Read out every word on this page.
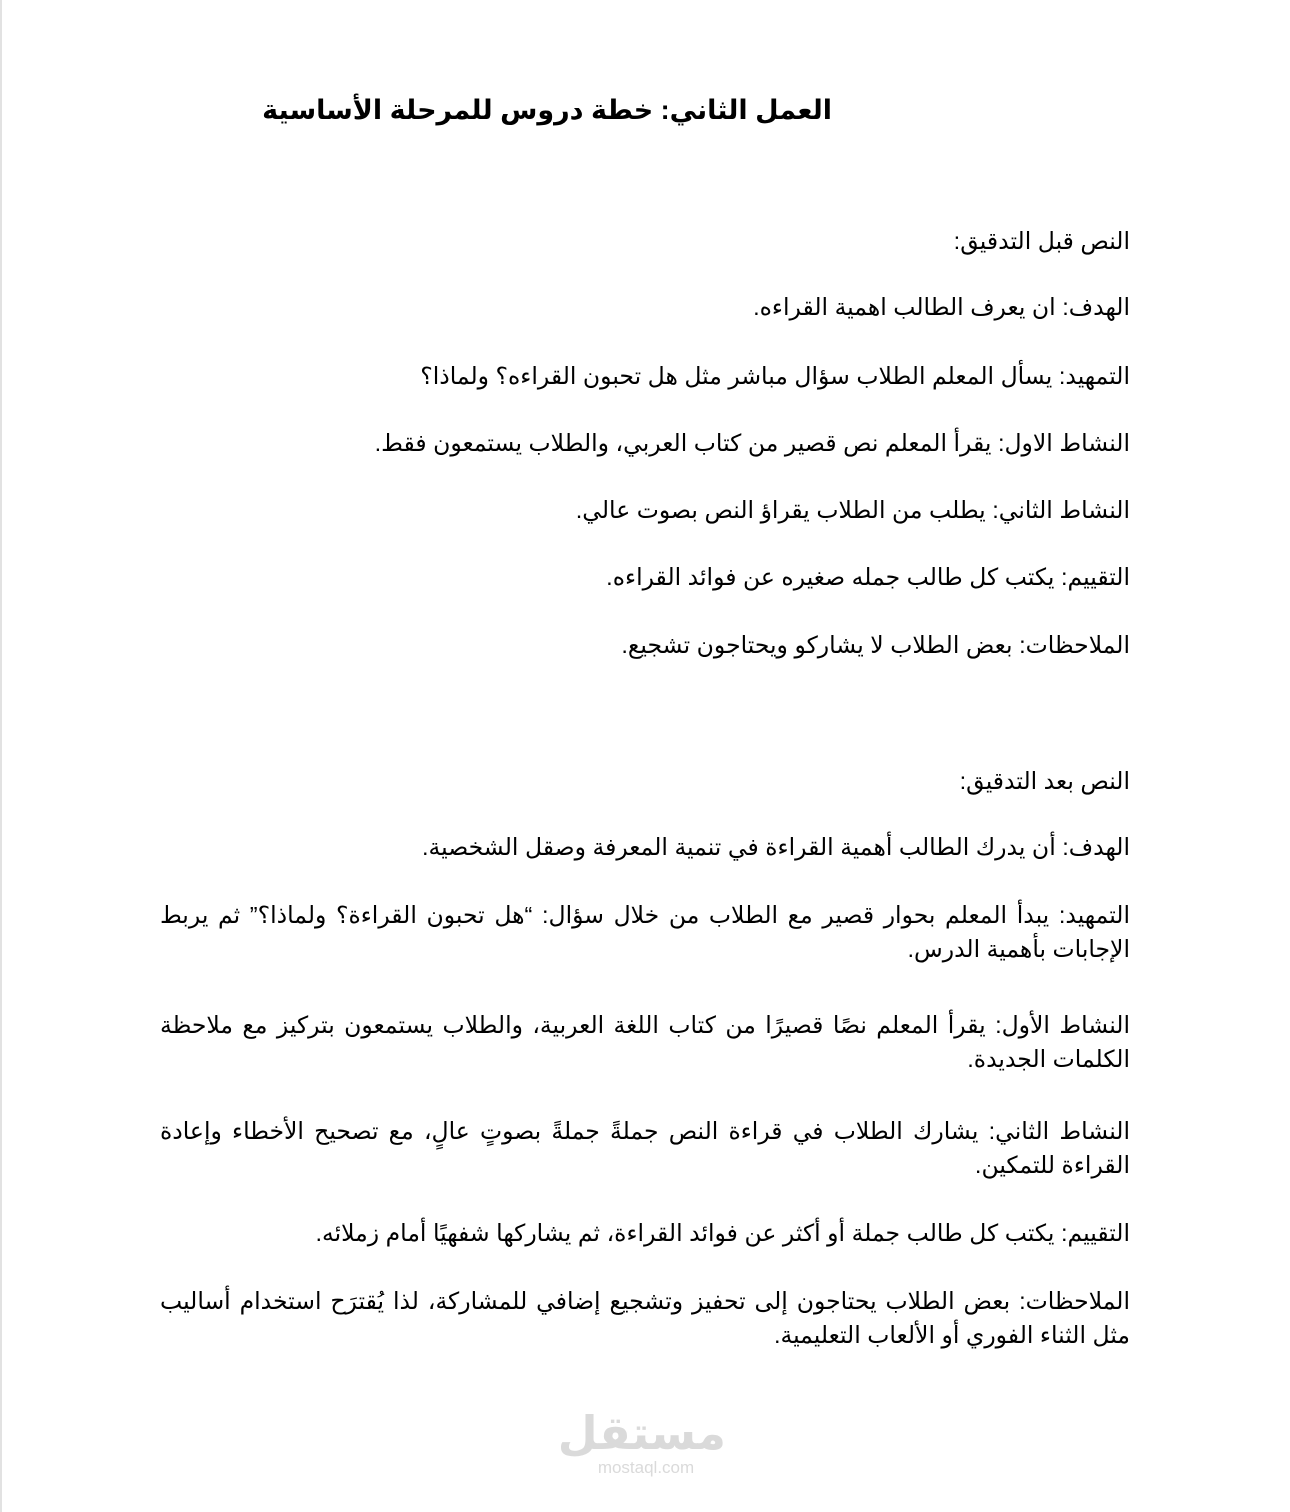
العمل الثاني: خطة دروس للمرحلة الأساسية

النص قبل التدقيق:

الهدف: ان يعرف الطالب اهمية القراءه.

التمهيد: يسأل المعلم الطلاب سؤال مباشر مثل هل تحبون القراءه؟ ولماذا؟

النشاط الاول: يقرأ المعلم نص قصير من كتاب العربي، والطلاب يستمعون فقط.

النشاط الثاني: يطلب من الطلاب يقراؤ النص بصوت عالي.

التقييم: يكتب كل طالب جمله صغيره عن فوائد القراءه.

الملاحظات: بعض الطلاب لا يشاركو ويحتاجون تشجيع.

النص بعد التدقيق:

الهدف: أن يدرك الطالب أهمية القراءة في تنمية المعرفة وصقل الشخصية.

التمهيد: يبدأ المعلم بحوار قصير مع الطلاب من خلال سؤال: “هل تحبون القراءة؟ ولماذا؟” ثم يربط الإجابات بأهمية الدرس.

النشاط الأول: يقرأ المعلم نصًا قصيرًا من كتاب اللغة العربية، والطلاب يستمعون بتركيز مع ملاحظة الكلمات الجديدة.

النشاط الثاني: يشارك الطلاب في قراءة النص جملةً جملةً بصوتٍ عالٍ، مع تصحيح الأخطاء وإعادة القراءة للتمكين.

التقييم: يكتب كل طالب جملة أو أكثر عن فوائد القراءة، ثم يشاركها شفهيًا أمام زملائه.

الملاحظات: بعض الطلاب يحتاجون إلى تحفيز وتشجيع إضافي للمشاركة، لذا يُقترَح استخدام أساليب مثل الثناء الفوري أو الألعاب التعليمية.

مستقل
mostaql.com
